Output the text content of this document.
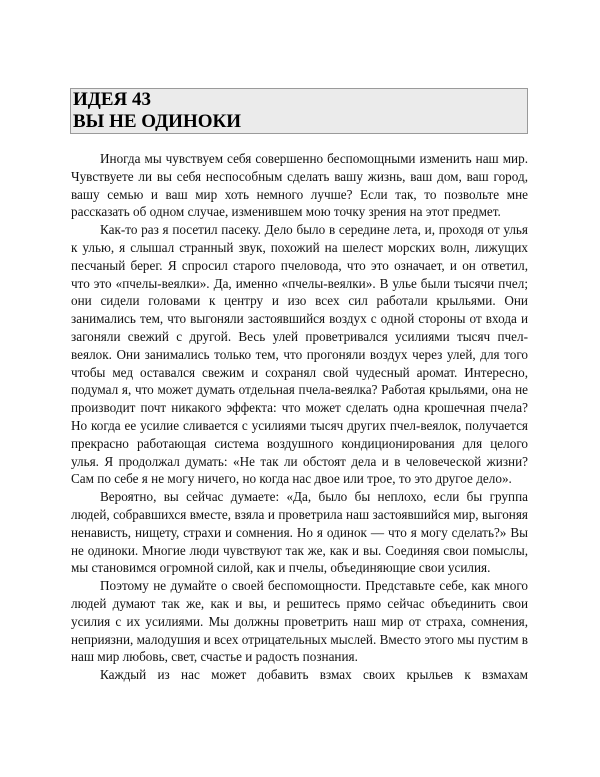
ИДЕЯ 43
ВЫ НЕ ОДИНОКИ

Иногда мы чувствуем себя совершенно беспомощными изменить наш мир. Чувствуете ли вы себя неспособным сделать вашу жизнь, ваш дом, ваш город, вашу семью и ваш мир хоть немного лучше? Если так, то позвольте мне рассказать об одном случае, изменившем мою точку зрения на этот предмет.

Как-то раз я посетил пасеку. Дело было в середине лета, и, проходя от улья к улью, я слышал странный звук, похожий на шелест морских волн, лижущих песчаный берег. Я спросил старого пчеловода, что это означает, и он ответил, что это «пчелы-веялки». Да, именно «пчелы-веялки». В улье были тысячи пчел; они сидели головами к центру и изо всех сил работали крыльями. Они занимались тем, что выгоняли застоявшийся воздух с одной стороны от входа и загоняли свежий с другой. Весь улей проветривался усилиями тысяч пчел-веялок. Они занимались только тем, что прогоняли воздух через улей, для того чтобы мед оставался свежим и сохранял свой чудесный аромат. Интересно, подумал я, что может думать отдельная пчела-веялка? Работая крыльями, она не производит почт никакого эффекта: что может сделать одна крошечная пчела? Но когда ее усилие сливается с усилиями тысяч других пчел-веялок, получается прекрасно работающая система воздушного кондиционирования для целого улья. Я продолжал думать: «Не так ли обстоят дела и в человеческой жизни? Сам по себе я не могу ничего, но когда нас двое или трое, то это другое дело».

Вероятно, вы сейчас думаете: «Да, было бы неплохо, если бы группа людей, собравшихся вместе, взяла и проветрила наш застоявшийся мир, выгоняя ненависть, нищету, страхи и сомнения. Но я одинок — что я могу сделать?» Вы не одиноки. Многие люди чувствуют так же, как и вы. Соединяя свои помыслы, мы становимся огромной силой, как и пчелы, объединяющие свои усилия.

Поэтому не думайте о своей беспомощности. Представьте себе, как много людей думают так же, как и вы, и решитесь прямо сейчас объединить свои усилия с их усилиями. Мы должны проветрить наш мир от страха, сомнения, неприязни, малодушия и всех отрицательных мыслей. Вместо этого мы пустим в наш мир любовь, свет, счастье и радость познания.

Каждый из нас может добавить взмах своих крыльев к взмахам
